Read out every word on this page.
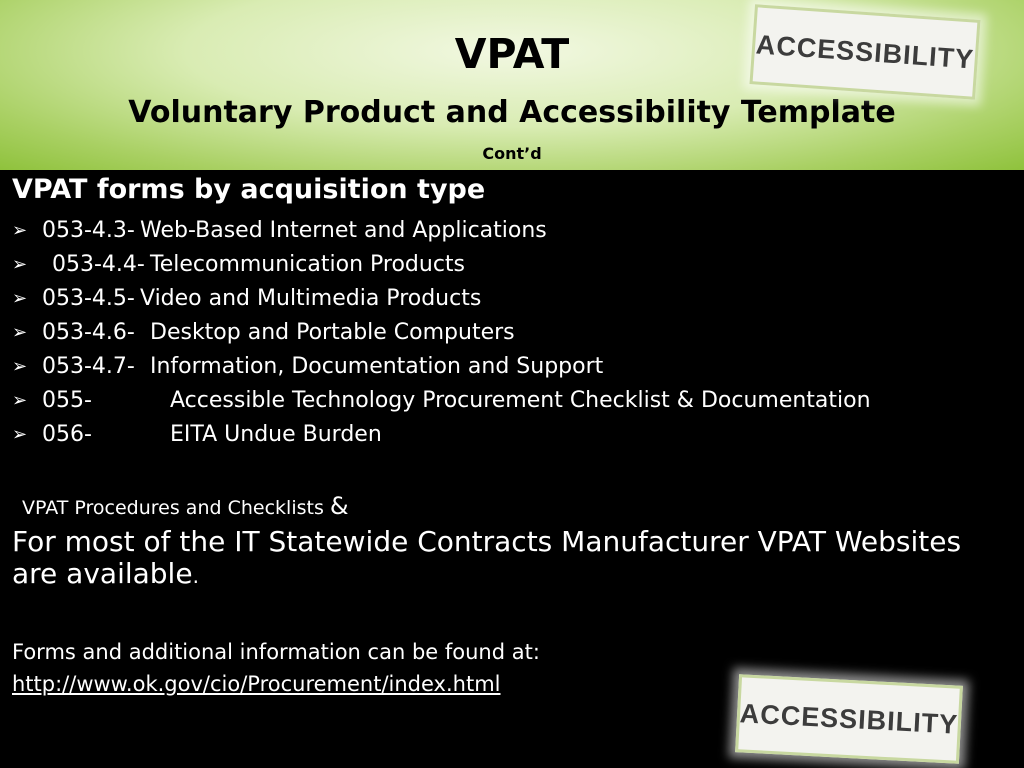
VPAT
Voluntary Product and Accessibility Template
Cont’d
ACCESSIBILITY
VPAT forms by acquisition type
➢ 053-4.3- Web-Based Internet and Applications
➢ 053-4.4- Telecommunication Products
➢ 053-4.5- Video and Multimedia Products
➢ 053-4.6- Desktop and Portable Computers
➢ 053-4.7- Information, Documentation and Support
➢ 055-	Accessible Technology Procurement Checklist & Documentation
➢ 056-	EITA Undue Burden
VPAT Procedures and Checklists &
For most of the IT Statewide Contracts Manufacturer VPAT Websites are available.
Forms and additional information can be found at:
http://www.ok.gov/cio/Procurement/index.html
ACCESSIBILITY
